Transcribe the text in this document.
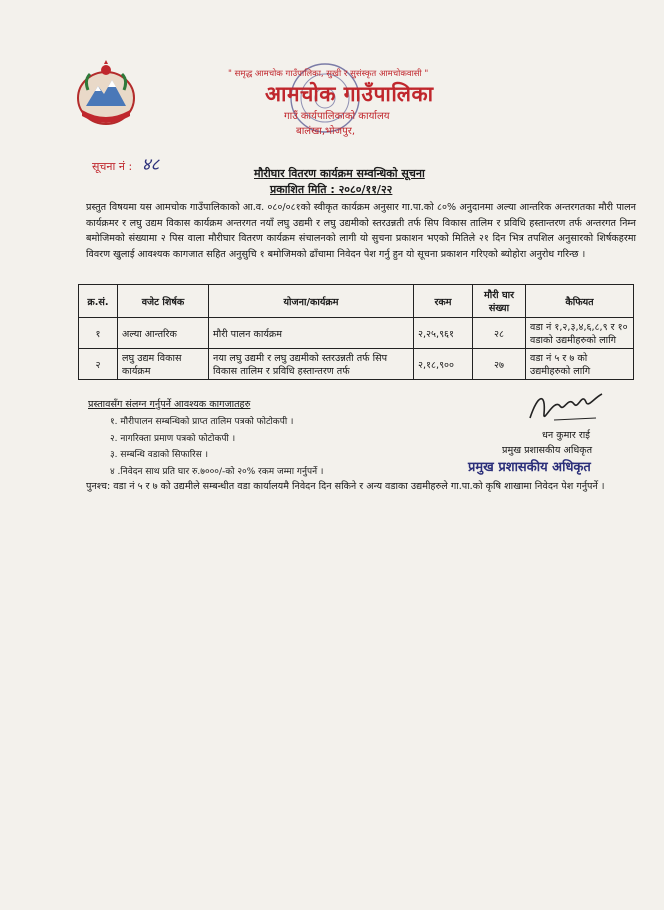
" समृद्ध आमचोक गाउँपालिका, सुखी र सुसंस्कृत आमचोकवासी "
आमचोक गाउँपालिका
गाउँ कार्यपालिकाको कार्यालय
बालंखा,भोजपुर,
सूचना नं : ४८	मौरीघार वितरण कार्यक्रम सम्वन्धिको सूचना
प्रकाशित मिति : २०८०/११/२२
प्रस्तुत विषयमा यस आमचोक गाउँपालिकाको आ.व. ०८०/०८१को स्वीकृत कार्यक्रम अनुसार गा.पा.को ८०% अनुदानमा अल्या आन्तरिक अन्तरगतका मौरी पालन कार्यक्रमर र लघु उद्यम विकास कार्यक्रम अन्तरगत नयाँ लघु उद्यमी र लघु उद्यमीको स्तरउन्नती तर्फ सिप विकास तालिम र प्रविधि हस्तान्तरण तर्फ अन्तरगत निम्न बमोजिमको संख्यामा २ पिस वाला मौरीघार वितरण कार्यक्रम संचालनको लागी यो सुचना प्रकाशन भएको मितिले २१ दिन भित्र तपशिल अनुसारको शिर्षकहरमा विवरण खुलाई आवश्यक कागजात सहित अनुसुचि १ बमोजिमको ढाँचामा निवेदन पेश गर्नु हुन यो सूचना प्रकाशन गरिएको ब्योहोरा अनुरोध गरिन्छ ।
क्र.सं.	वजेट शिर्षक	योजना/कार्यक्रम	रकम	मौरी घार संख्या	कैफियत
१	अल्या आन्तरिक	मौरी पालन कार्यक्रम	२,२५,९६१	२८	वडा नं १,२,३,४,६,८,९ र १० वडाको उद्यमीहरुको लागि
२	लघु उद्यम विकास कार्यक्रम	नया लघु उद्यमी र लघु उद्यमीको स्तरउन्नती तर्फ सिप विकास तालिम र प्रविधि हस्तान्तरण तर्फ	२,१८,९००	२७	वडा नं ५ र ७ को उद्यमीहरुको लागि
प्रस्तावसँग संलग्न गर्नुपर्ने आवश्यक कागजातहरु
१. मौरीपालन सम्बन्धिको प्राप्त तालिम पत्रको फोटोकपी ।
२. नागरिक्ता प्रमाण पत्रको फोटोकपी ।
३. सम्बन्धि वडाको सिफारिस ।
४ .निवेदन साथ प्रति घार रु.७०००/-को २०% रकम जम्मा गर्नुपर्ने ।
धन कुमार राई
प्रमुख प्रशासकीय अधिकृत
प्रमुख प्रशासकीय अधिकृत
पुनश्च: वडा नं ५ र ७ को उद्यमीले सम्बन्धीत वडा कार्यालयमै निवेदन दिन सकिने र अन्य वडाका उद्यमीहरुले गा.पा.को कृषि शाखामा निवेदन पेश गर्नुपर्ने ।
